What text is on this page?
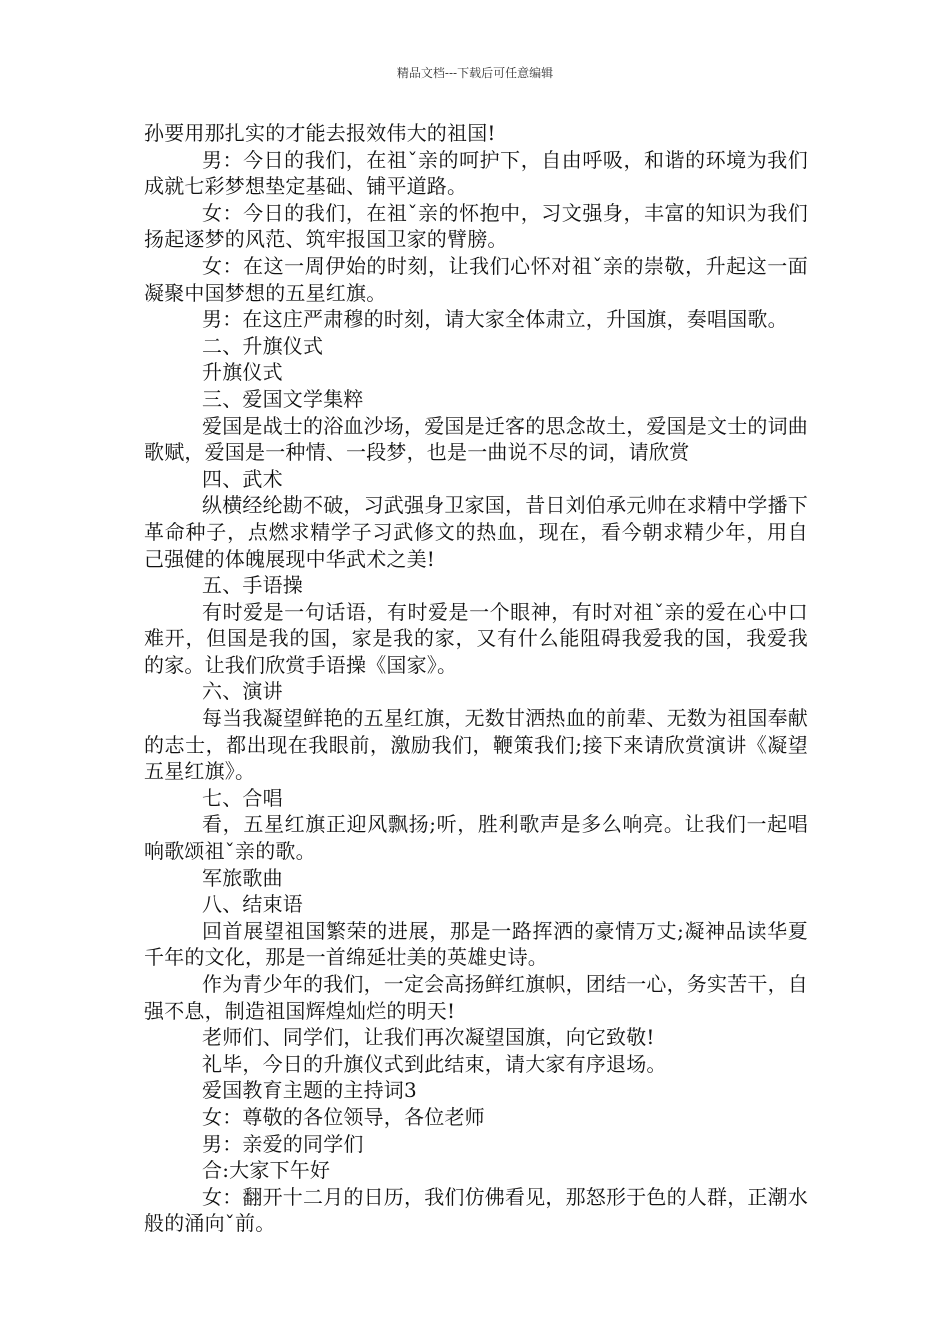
精品文档---下载后可任意编辑

孙要用那扎实的才能去报效伟大的祖国!

男：今日的我们，在祖ˇ亲的呵护下，自由呼吸，和谐的环境为我们成就七彩梦想垫定基础、铺平道路。

女：今日的我们，在祖ˇ亲的怀抱中，习文强身，丰富的知识为我们扬起逐梦的风范、筑牢报国卫家的臂膀。

女：在这一周伊始的时刻，让我们心怀对祖ˇ亲的崇敬，升起这一面凝聚中国梦想的五星红旗。

男：在这庄严肃穆的时刻，请大家全体肃立，升国旗，奏唱国歌。

二、升旗仪式

升旗仪式

三、爱国文学集粹

爱国是战士的浴血沙场，爱国是迁客的思念故土，爱国是文士的词曲歌赋，爱国是一种情、一段梦，也是一曲说不尽的词，请欣赏

四、武术

纵横经纶勘不破，习武强身卫家国，昔日刘伯承元帅在求精中学播下革命种子，点燃求精学子习武修文的热血，现在，看今朝求精少年，用自己强健的体魄展现中华武术之美!

五、手语操

有时爱是一句话语，有时爱是一个眼神，有时对祖ˇ亲的爱在心中口难开，但国是我的国，家是我的家，又有什么能阻碍我爱我的国，我爱我的家。让我们欣赏手语操《国家》。

六、演讲

每当我凝望鲜艳的五星红旗，无数甘洒热血的前辈、无数为祖国奉献的志士，都出现在我眼前，激励我们，鞭策我们;接下来请欣赏演讲《凝望五星红旗》。

七、合唱

看，五星红旗正迎风飘扬;听，胜利歌声是多么响亮。让我们一起唱响歌颂祖ˇ亲的歌。

军旅歌曲

八、结束语

回首展望祖国繁荣的进展，那是一路挥洒的豪情万丈;凝神品读华夏千年的文化，那是一首绵延壮美的英雄史诗。

作为青少年的我们，一定会高扬鲜红旗帜，团结一心，务实苦干，自强不息，制造祖国辉煌灿烂的明天!

老师们、同学们，让我们再次凝望国旗，向它致敬!

礼毕，今日的升旗仪式到此结束，请大家有序退场。

爱国教育主题的主持词3

女：尊敬的各位领导，各位老师

男：亲爱的同学们

合:大家下午好

女：翻开十二月的日历，我们仿佛看见，那怒形于色的人群，正潮水般的涌向ˇ前。
